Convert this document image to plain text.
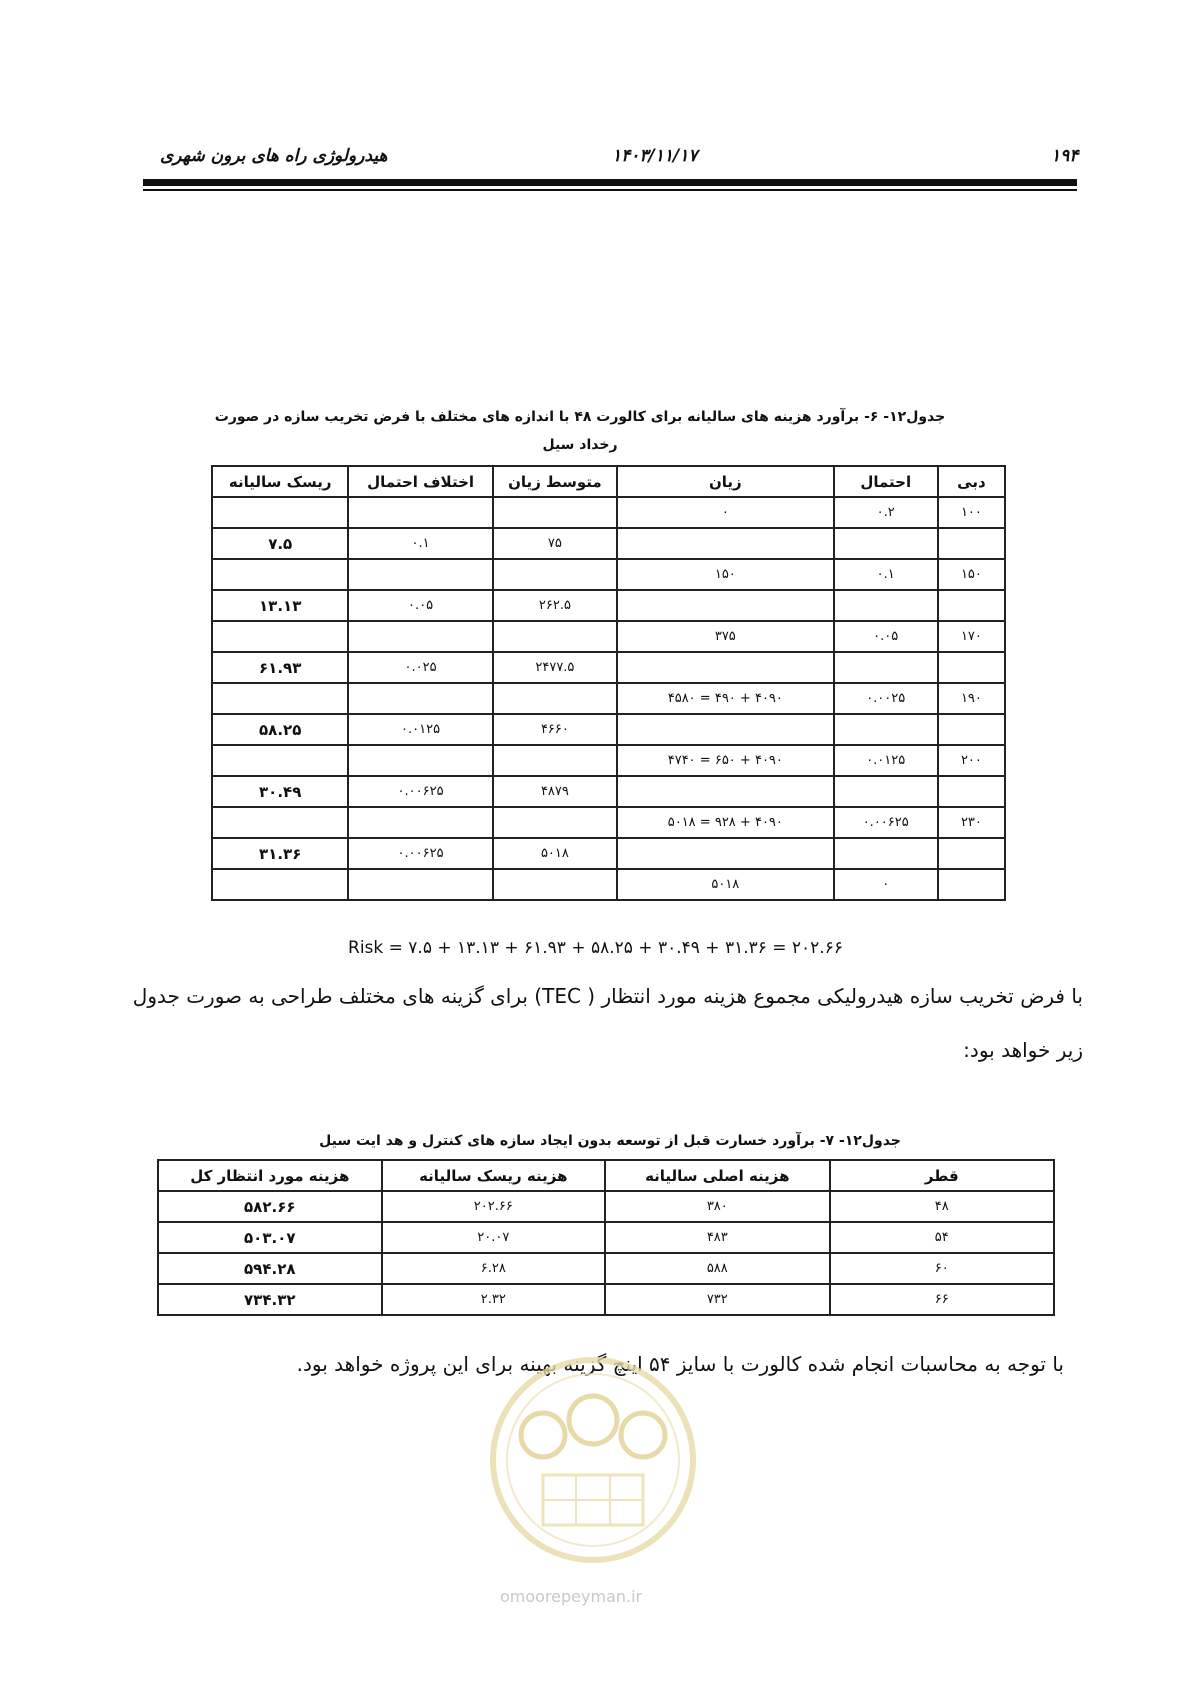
۱۹۴
۱۴۰۳/۱۱/۱۷
هیدرولوژی راه های برون شهری
جدول۱۲- ۶- برآورد هزینه های سالیانه برای کالورت ۴۸ با اندازه های مختلف با فرض تخریب سازه در صورت
رخداد سیل
دبی	احتمال	زیان	متوسط زیان	اختلاف احتمال	ریسک سالیانه
۱۰۰	۰.۲	۰			
			۷۵	۰.۱	۷.۵
۱۵۰	۰.۱	۱۵۰			
			۲۶۲.۵	۰.۰۵	۱۳.۱۳
۱۷۰	۰.۰۵	۳۷۵			
			۲۴۷۷.۵	۰.۰۲۵	۶۱.۹۳
۱۹۰	۰.۰۰۲۵	۴۰۹۰ + ۴۹۰ = ۴۵۸۰			
			۴۶۶۰	۰.۰۱۲۵	۵۸.۲۵
۲۰۰	۰.۰۱۲۵	۴۰۹۰ + ۶۵۰ = ۴۷۴۰			
			۴۸۷۹	۰.۰۰۶۲۵	۳۰.۴۹
۲۳۰	۰.۰۰۶۲۵	۴۰۹۰ + ۹۲۸ = ۵۰۱۸			
			۵۰۱۸	۰.۰۰۶۲۵	۳۱.۳۶
	۰	۵۰۱۸			
Risk = ۷.۵ + ۱۳.۱۳ + ۶۱.۹۳ + ۵۸.۲۵ + ۳۰.۴۹ + ۳۱.۳۶ = ۲۰۲.۶۶
با فرض تخریب سازه هیدرولیکی مجموع هزینه مورد انتظار ( TEC) برای گزینه های مختلف طراحی به صورت جدول
زیر خواهد بود:
جدول۱۲- ۷- برآورد خسارت قبل از توسعه بدون ایجاد سازه های کنترل و هد ایت سیل
قطر	هزینه اصلی سالیانه	هزینه ریسک سالیانه	هزینه مورد انتظار کل
۴۸	۳۸۰	۲۰۲.۶۶	۵۸۲.۶۶
۵۴	۴۸۳	۲۰.۰۷	۵۰۳.۰۷
۶۰	۵۸۸	۶.۲۸	۵۹۴.۲۸
۶۶	۷۳۲	۲.۳۲	۷۳۴.۳۲
با توجه به محاسبات انجام شده کالورت با سایز ۵۴ اینچ گزینه بهینه برای این پروژه خواهد بود.
omoorepeyman.ir
